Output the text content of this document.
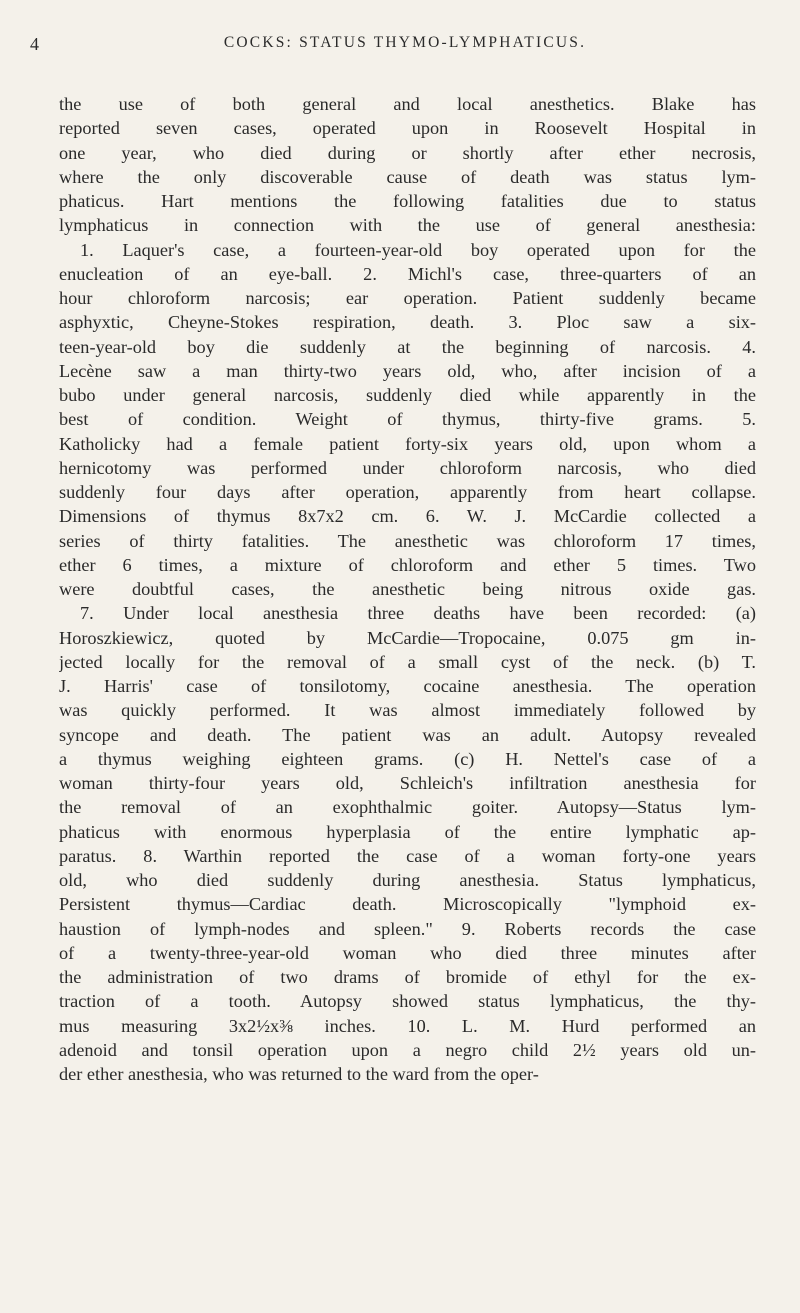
4	COCKS: STATUS THYMO-LYMPHATICUS.
the use of both general and local anesthetics. Blake has
reported seven cases, operated upon in Roosevelt Hospital in
one year, who died during or shortly after ether necrosis,
where the only discoverable cause of death was status lym-
phaticus. Hart mentions the following fatalities due to status
lymphaticus in connection with the use of general anesthesia:
1. Laquer's case, a fourteen-year-old boy operated upon for the
enucleation of an eye-ball. 2. Michl's case, three-quarters of an
hour chloroform narcosis; ear operation. Patient suddenly became
asphyxtic, Cheyne-Stokes respiration, death. 3. Ploc saw a six-
teen-year-old boy die suddenly at the beginning of narcosis. 4.
Lecène saw a man thirty-two years old, who, after incision of a
bubo under general narcosis, suddenly died while apparently in the
best of condition. Weight of thymus, thirty-five grams. 5.
Katholicky had a female patient forty-six years old, upon whom a
hernicotomy was performed under chloroform narcosis, who died
suddenly four days after operation, apparently from heart collapse.
Dimensions of thymus 8x7x2 cm. 6. W. J. McCardie collected a
series of thirty fatalities. The anesthetic was chloroform 17 times,
ether 6 times, a mixture of chloroform and ether 5 times. Two
were doubtful cases, the anesthetic being nitrous oxide gas.
7. Under local anesthesia three deaths have been recorded: (a)
Horoszkiewicz, quoted by McCardie—Tropocaine, 0.075 gm in-
jected locally for the removal of a small cyst of the neck. (b) T.
J. Harris' case of tonsilotomy, cocaine anesthesia. The operation
was quickly performed. It was almost immediately followed by
syncope and death. The patient was an adult. Autopsy revealed
a thymus weighing eighteen grams. (c) H. Nettel's case of a
woman thirty-four years old, Schleich's infiltration anesthesia for
the removal of an exophthalmic goiter. Autopsy—Status lym-
phaticus with enormous hyperplasia of the entire lymphatic ap-
paratus. 8. Warthin reported the case of a woman forty-one years
old, who died suddenly during anesthesia. Status lymphaticus,
Persistent thymus—Cardiac death. Microscopically "lymphoid ex-
haustion of lymph-nodes and spleen." 9. Roberts records the case
of a twenty-three-year-old woman who died three minutes after
the administration of two drams of bromide of ethyl for the ex-
traction of a tooth. Autopsy showed status lymphaticus, the thy-
mus measuring 3x2½x⅜ inches. 10. L. M. Hurd performed an
adenoid and tonsil operation upon a negro child 2½ years old un-
der ether anesthesia, who was returned to the ward from the oper-
